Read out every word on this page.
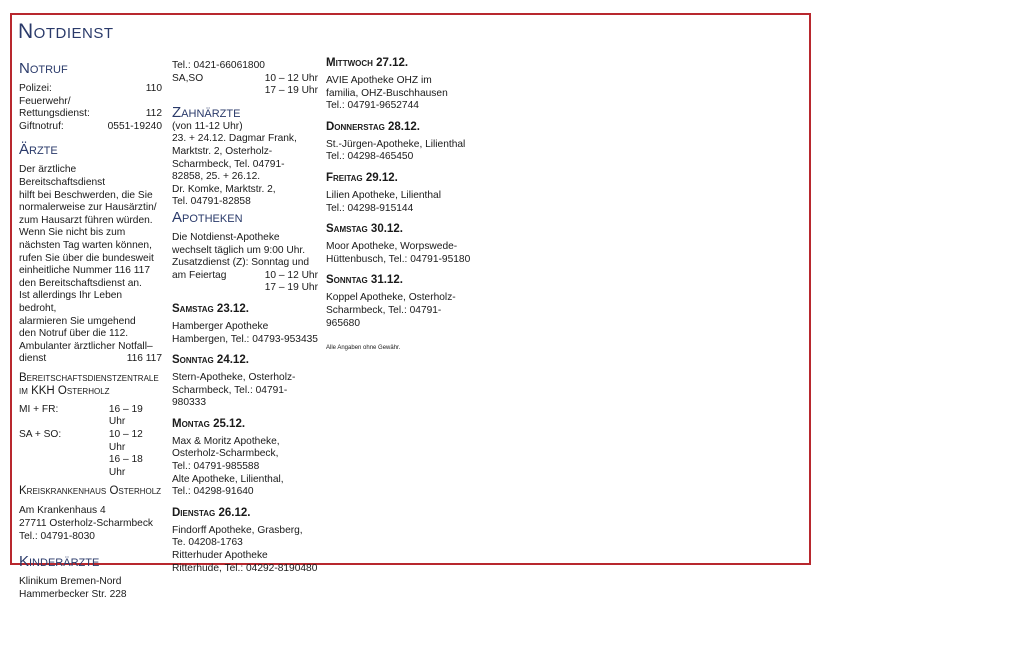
Notdienst
Notruf
Polizei:	110
Feuerwehr/
Rettungsdienst:	112
Giftnotruf:	0551-19240
Ärzte

Der ärztliche Bereitschaftsdienst

hilft bei Beschwerden, die Sie

normalerweise zur Hausärztin/

zum Hausarzt führen würden.

Wenn Sie nicht bis zum

nächsten Tag warten können,

rufen Sie über die bundesweit

einheitliche Nummer 116 117

den Bereitschaftsdienst an.

Ist allerdings Ihr Leben bedroht,

alarmieren Sie umgehend

den Notruf über die 112.

Ambulanter ärztlicher Notfall–

dienst	116 117
Bereitschaftsdienstzentrale
im KKH Osterholz
MI + FR:	16 – 19 Uhr
SA + SO:	10 – 12 Uhr
16 – 18 Uhr
Kreiskrankenhaus Osterholz

Am Krankenhaus 4

27711 Osterholz-Scharmbeck

Tel.: 04791-8030

Kinderärzte

Klinikum Bremen-Nord

Hammerbecker Str. 228

Tel.: 0421-66061800

SA,SO	10 – 12 Uhr
17 – 19 Uhr
Zahnärzte

(von 11-12 Uhr)

23. + 24.12. Dagmar Frank,

Marktstr. 2, Osterholz-

Scharmbeck, Tel. 04791-

82858, 25. + 26.12.

Dr. Komke, Marktstr. 2,

Tel. 04791-82858

Apotheken

Die Notdienst-Apotheke

wechselt täglich um 9:00 Uhr.

Zusatzdienst (Z): Sonntag und

am Feiertag	10 – 12 Uhr
17 – 19 Uhr
Samstag 23.12.

Hamberger Apotheke

Hambergen, Tel.: 04793-953435

Sonntag 24.12.

Stern-Apotheke, Osterholz-

Scharmbeck, Tel.: 04791-980333

Montag 25.12.

Max & Moritz Apotheke,

Osterholz-Scharmbeck,

Tel.: 04791-985588

Alte Apotheke, Lilienthal,

Tel.: 04298-91640

Dienstag 26.12.

Findorff Apotheke, Grasberg,

Te. 04208-1763

Ritterhuder Apotheke

Ritterhude, Tel.: 04292-8190480

Mittwoch 27.12.

AVIE Apotheke OHZ im

familia, OHZ-Buschhausen

Tel.: 04791-9652744

Donnerstag 28.12.

St.-Jürgen-Apotheke, Lilienthal

Tel.: 04298-465450

Freitag 29.12.

Lilien Apotheke, Lilienthal

Tel.: 04298-915144

Samstag 30.12.

Moor Apotheke, Worpswede-

Hüttenbusch, Tel.: 04791-95180

Sonntag 31.12.

Koppel Apotheke, Osterholz-

Scharmbeck, Tel.: 04791-965680

Alle Angaben ohne Gewähr.
